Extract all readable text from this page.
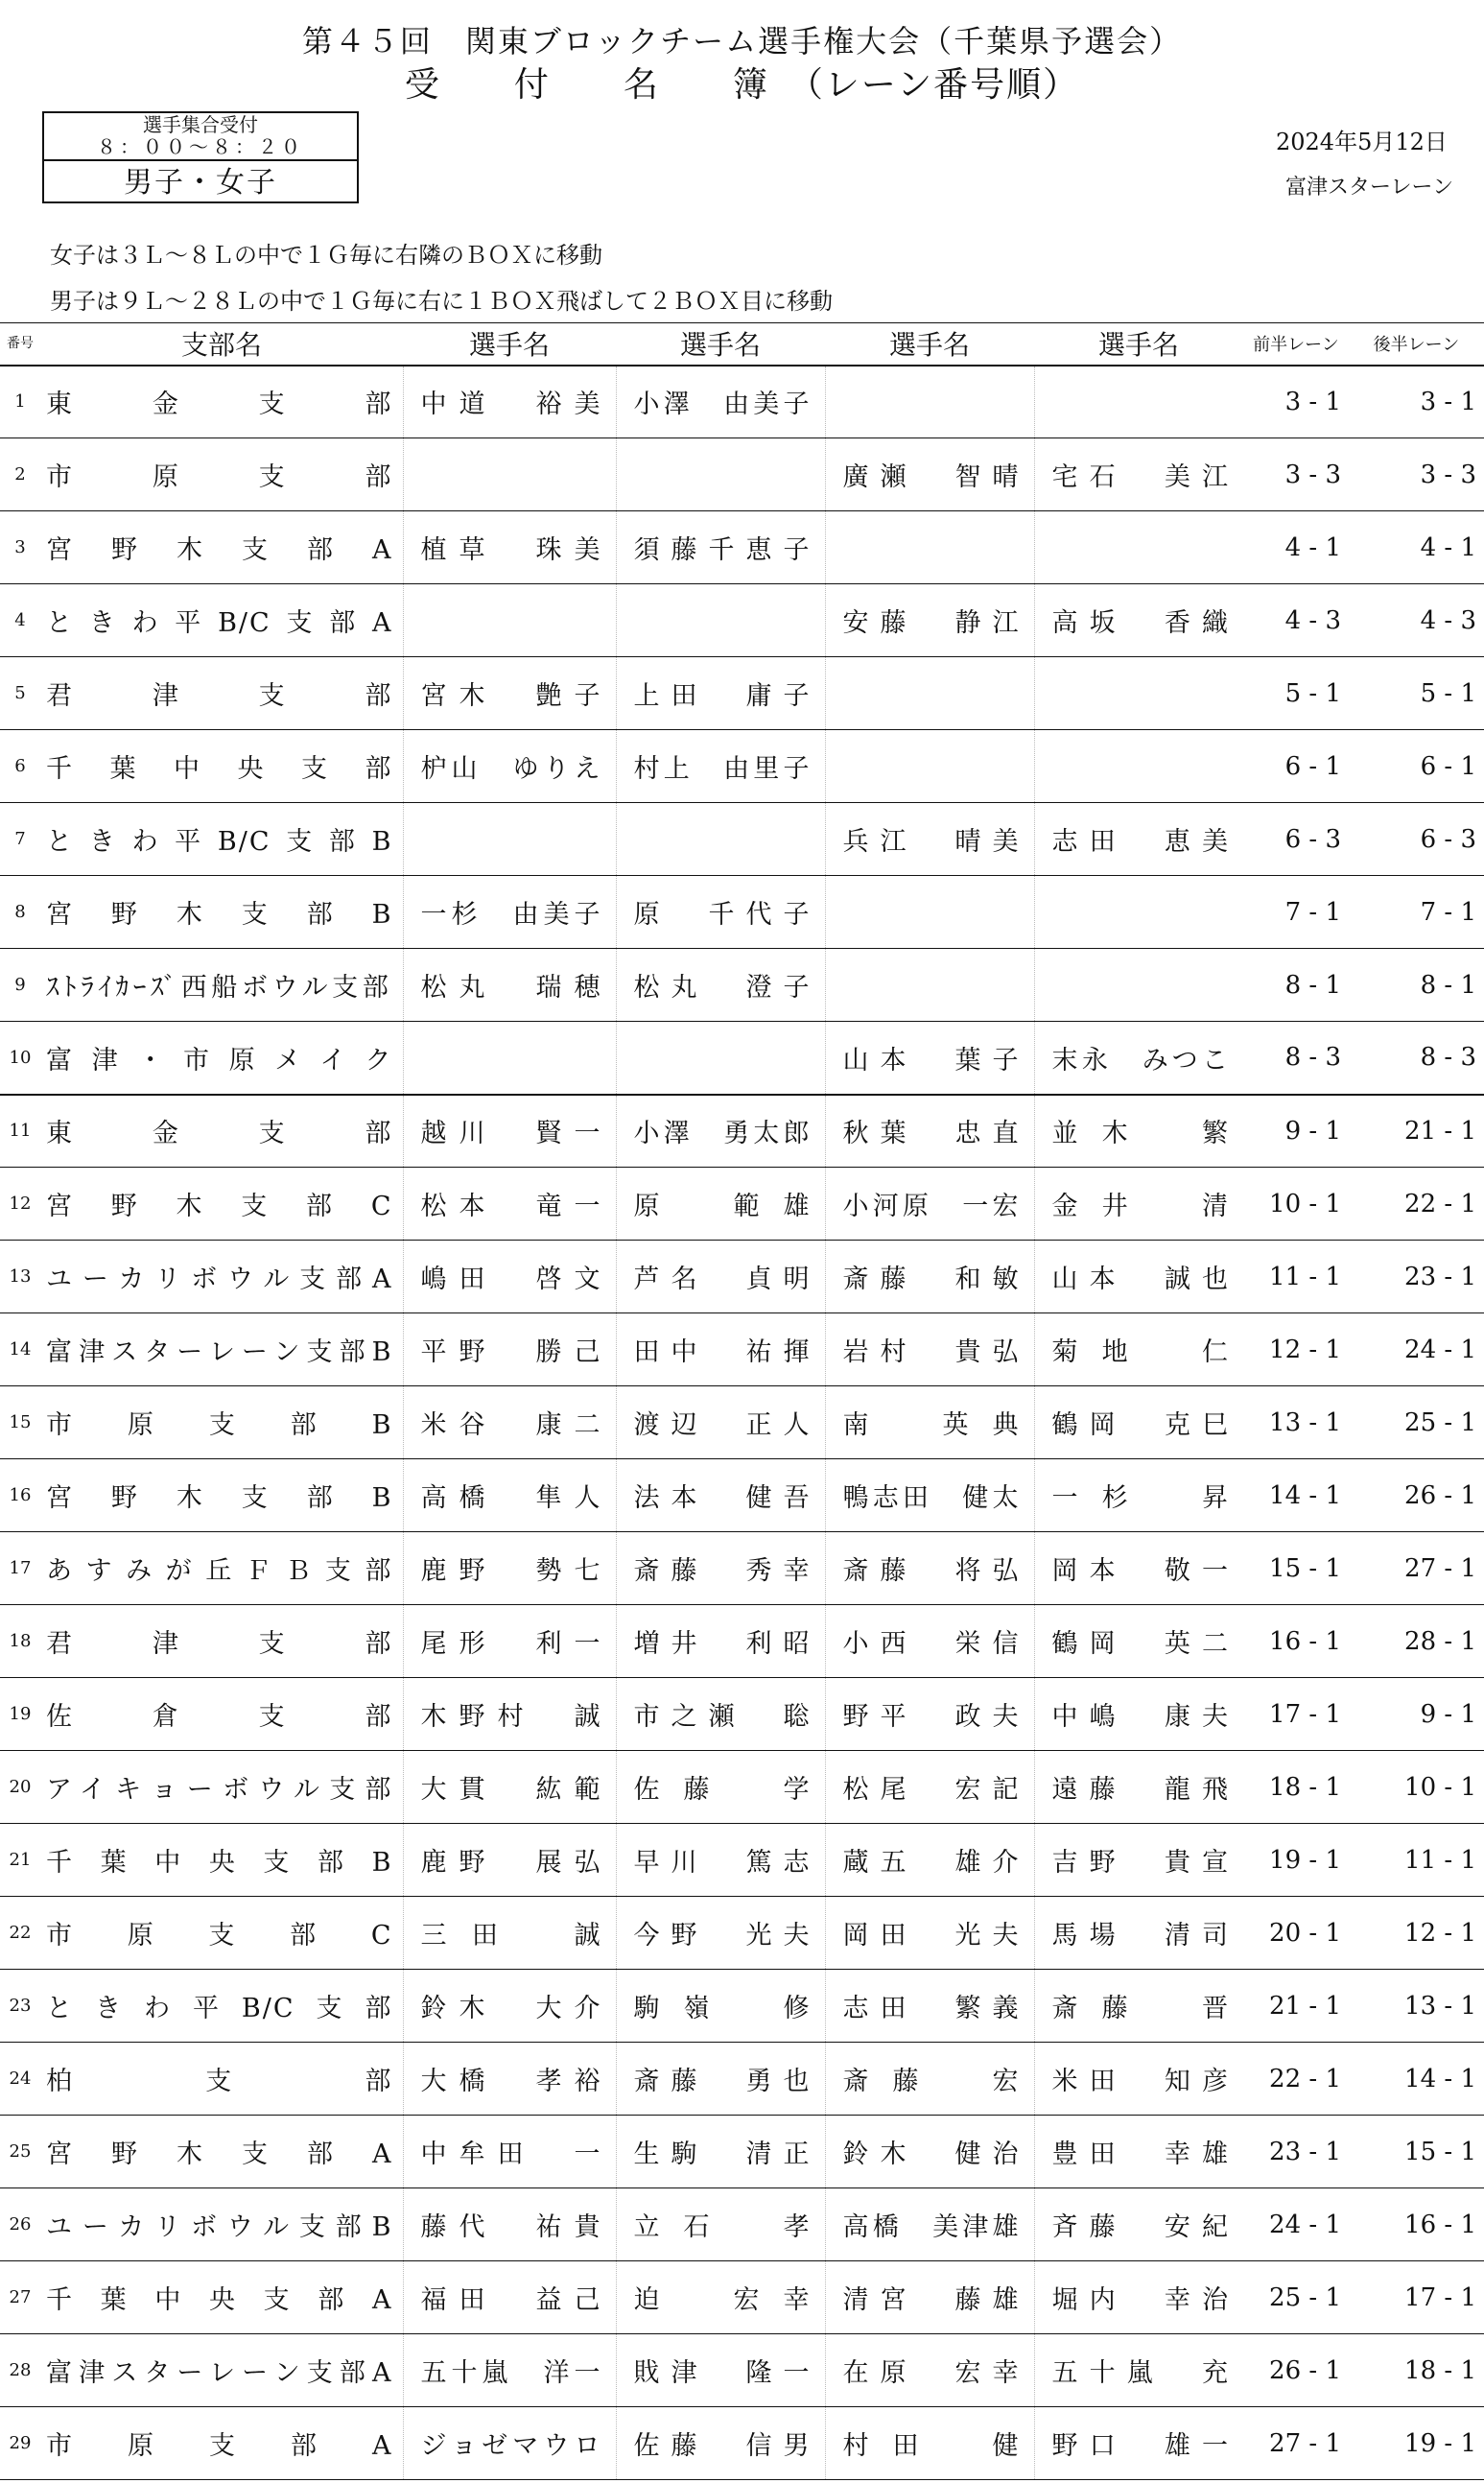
第４５回　関東ブロックチーム選手権大会（千葉県予選会）
受　　付　　名　　簿　（レーン番号順）
選手集合受付
８：００～８：２０
男子・女子
2024年5月12日
富津スターレーン
女子は３Ｌ～８Ｌの中で１Ｇ毎に右隣のＢＯＸに移動
男子は９Ｌ～２８Ｌの中で１Ｇ毎に右に１ＢＯＸ飛ばして２ＢＯＸ目に移動
番号	支部名	選手名	選手名	選手名	選手名	前半レーン	後半レーン
1	東金支部	中道　裕美	小澤　由美子			3 - 1	3 - 1
2	市原支部			廣瀬　智晴	宅石　美江	3 - 3	3 - 3
3	宮野木支部A	植草　珠美	須藤千恵子			4 - 1	4 - 1
4	ときわ平B/C支部A			安藤　静江	高坂　香織	4 - 3	4 - 3
5	君津支部	宮木　艶子	上田　庸子			5 - 1	5 - 1
6	千葉中央支部	枦山　ゆりえ	村上　由里子			6 - 1	6 - 1
7	ときわ平B/C支部B			兵江　晴美	志田　恵美	6 - 3	6 - 3
8	宮野木支部B	一杉　由美子	原　千代子			7 - 1	7 - 1
9	ｽﾄﾗｲｶｰｽﾞ西船ボウル支部	松丸　瑞穂	松丸　澄子			8 - 1	8 - 1
10	富津・市原メイク			山本　葉子	末永　みつこ	8 - 3	8 - 3
11	東金支部	越川　賢一	小澤　勇太郎	秋葉　忠直	並木　繁	9 - 1	21 - 1
12	宮野木支部C	松本　竜一	原　範雄	小河原　一宏	金井　清	10 - 1	22 - 1
13	ユーカリボウル支部A	嶋田　啓文	芦名　貞明	斎藤　和敏	山本　誠也	11 - 1	23 - 1
14	富津スターレーン支部B	平野　勝己	田中　祐揮	岩村　貴弘	菊地　仁	12 - 1	24 - 1
15	市原支部B	米谷　康二	渡辺　正人	南　英典	鶴岡　克巳	13 - 1	25 - 1
16	宮野木支部B	高橋　隼人	法本　健吾	鴨志田　健太	一杉　昇	14 - 1	26 - 1
17	あすみが丘ＦＢ支部	鹿野　勢七	斎藤　秀幸	斎藤　将弘	岡本　敬一	15 - 1	27 - 1
18	君津支部	尾形　利一	増井　利昭	小西　栄信	鶴岡　英二	16 - 1	28 - 1
19	佐倉支部	木野村　誠	市之瀬　聡	野平　政夫	中嶋　康夫	17 - 1	9 - 1
20	アイキョーボウル支部	大貫　紘範	佐藤　学	松尾　宏記	遠藤　龍飛	18 - 1	10 - 1
21	千葉中央支部B	鹿野　展弘	早川　篤志	蔵五　雄介	吉野　貴宣	19 - 1	11 - 1
22	市原支部C	三田　誠	今野　光夫	岡田　光夫	馬場　清司	20 - 1	12 - 1
23	ときわ平B/C支部	鈴木　大介	駒嶺　修	志田　繁義	斎藤　晋	21 - 1	13 - 1
24	柏支部	大橋　孝裕	斎藤　勇也	斎藤　宏	米田　知彦	22 - 1	14 - 1
25	宮野木支部A	中牟田　一	生駒　清正	鈴木　健治	豊田　幸雄	23 - 1	15 - 1
26	ユーカリボウル支部B	藤代　祐貴	立石　孝	高橋　美津雄	斉藤　安紀	24 - 1	16 - 1
27	千葉中央支部A	福田　益己	迫　宏幸	清宮　藤雄	堀内　幸治	25 - 1	17 - 1
28	富津スターレーン支部A	五十嵐　洋一	戝津　隆一	在原　宏幸	五十嵐　充	26 - 1	18 - 1
29	市原支部A	ジョゼマウロ	佐藤　信男	村田　健	野口　雄一	27 - 1	19 - 1
